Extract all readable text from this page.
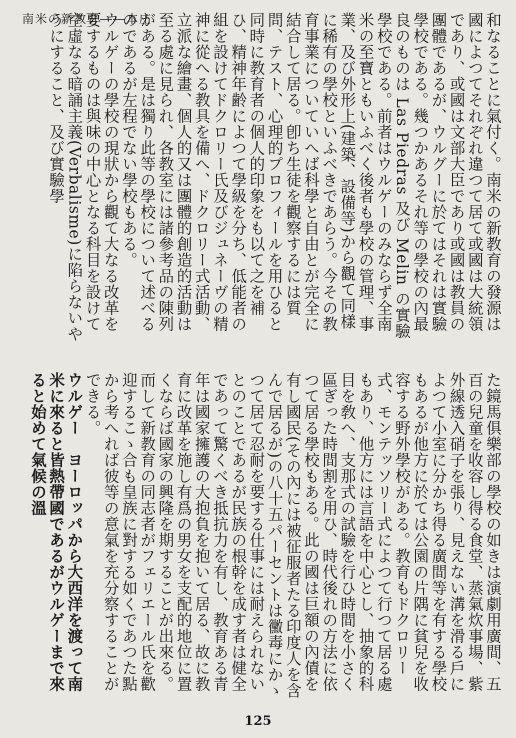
南米の新教育――本庄	和なることに氣付く。南米の新教育の發源は國によつてそれぞれ違つて居て或國は大統領であり、或國は文部大臣であり或國は教員の團體であるが、ウルグーに於てはそれは實驗學校である。幾つかあるそれ等の學校の內最良のものは Las Piedras 及び Melin の實驗學校である。前者はウルゲーのみならず全南米の至寶ともいふべく後者も學校の管理、事業、及び外形上(建築、設備等)から觀て同樣に稀有の學校といふべきであらう。今その教育事業についていへば科學と自由とが完全に結合して居る。卽ち生徒を觀察するには質問、テスト、心理的プロフィールを用ひると同時に教育者の個人的印象をも以て之を補ひ、精神年齢によつて學級を分ち、低能者の組を設けてドクロリー氏及びジュネーヴの精神に從へる教具を備へ、ドクロリー式活動、立派な繪畫、個人的又は團體的創造的活動は至る處に見られ、各教室には諸參考品の陳列がある。是は獨り此等の學校について述べるのであるが左程でない學校もある。

ウルゲーの學校の現狀から觀て大なる改革を要するものは與味の中心となる科目を設けて空虛なる暗誦主義(Verbalisme)に陷らないやうにすること、及び實驗學

た鏡馬俱樂部の學校の如きは演劇用廣間、五百の兒童を收容し得る食堂、蒸氣炊事場、紫外線透入硝子を張り、見えない溝を滑る戶によつて小室に分かち得る廣間等を有する學校もあるが他方に於ては公園の片隅に貧兒を收容する野外學校がある。教育もドクロリー式、モンテッソリー式によつて行つて居る處もあり、他方には言語を中心とし、抽象的科目を敎へ、支那式の試驗を行ひ時間を小さく區ぎった時間割を用ひ、時代後れの方法に依つて居る學校もある。此の國は巨額の內債を有し國民(その內には被征服者たる印度人を含んで居るが)の八十五パーセントは黴毒にかゝつて居て忍耐を要する仕事には耐えられないとのことであるが民族の根幹を成す者は健全であって驚くべき抵抗力を有し、教育ある青年は國家擁護の大抱負を抱いて居る、故に教育に改革を施し有爲の男女を支配的地位に置くならば國家の興隆を期することが出來る。而して新教育の同志者がフェリエール氏を歡迎するこゝ合も皇族に對する如くであつた點から考へれば彼等の意氣を充分察することができる。

ウルゲー　ヨーロッパから大西洋を渡って南米に來ると皆熱帶國であるがウルゲーまで來ると始めて氣候の溫

125
